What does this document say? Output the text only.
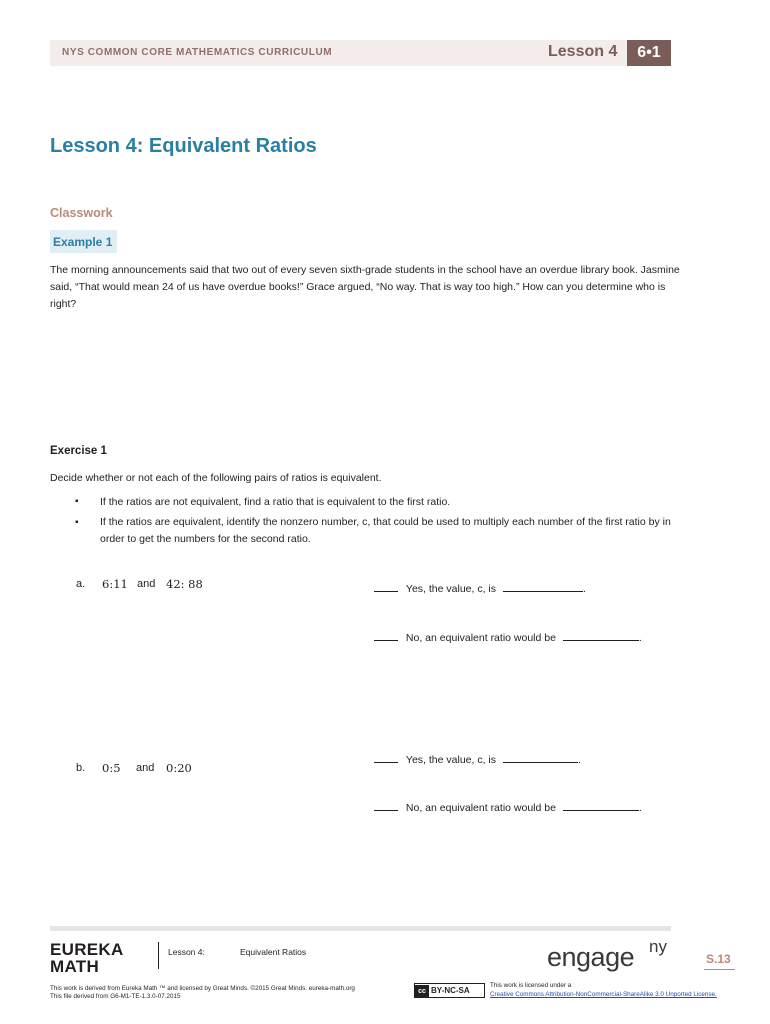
NYS COMMON CORE MATHEMATICS CURRICULUM	Lesson 4	6•1
Lesson 4: Equivalent Ratios
Classwork
Example 1
The morning announcements said that two out of every seven sixth-grade students in the school have an overdue library book. Jasmine said, “That would mean 24 of us have overdue books!” Grace argued, “No way. That is way too high.” How can you determine who is right?
Exercise 1
Decide whether or not each of the following pairs of ratios is equivalent.
▪ If the ratios are not equivalent, find a ratio that is equivalent to the first ratio.
▪ If the ratios are equivalent, identify the nonzero number, c, that could be used to multiply each number of the first ratio by in order to get the numbers for the second ratio.
a. 6:11 and 42: 88	Yes, the value, c, is	.
No, an equivalent ratio would be	.
b. 0:5 and 0:20
Yes, the value, c, is	.
No, an equivalent ratio would be	.
EUREKA
MATH
Lesson 4:	Equivalent Ratios	engage ny
S.13
This work is derived from Eureka Math ™ and licensed by Great Minds. ©2015 Great Minds. eureka-math.org
This file derived from G6-M1-TE-1.3.0-07.2015
cc BY-NC-SA
This work is licensed under a
Creative Commons Attribution-NonCommercial-ShareAlike 3.0 Unported License.
